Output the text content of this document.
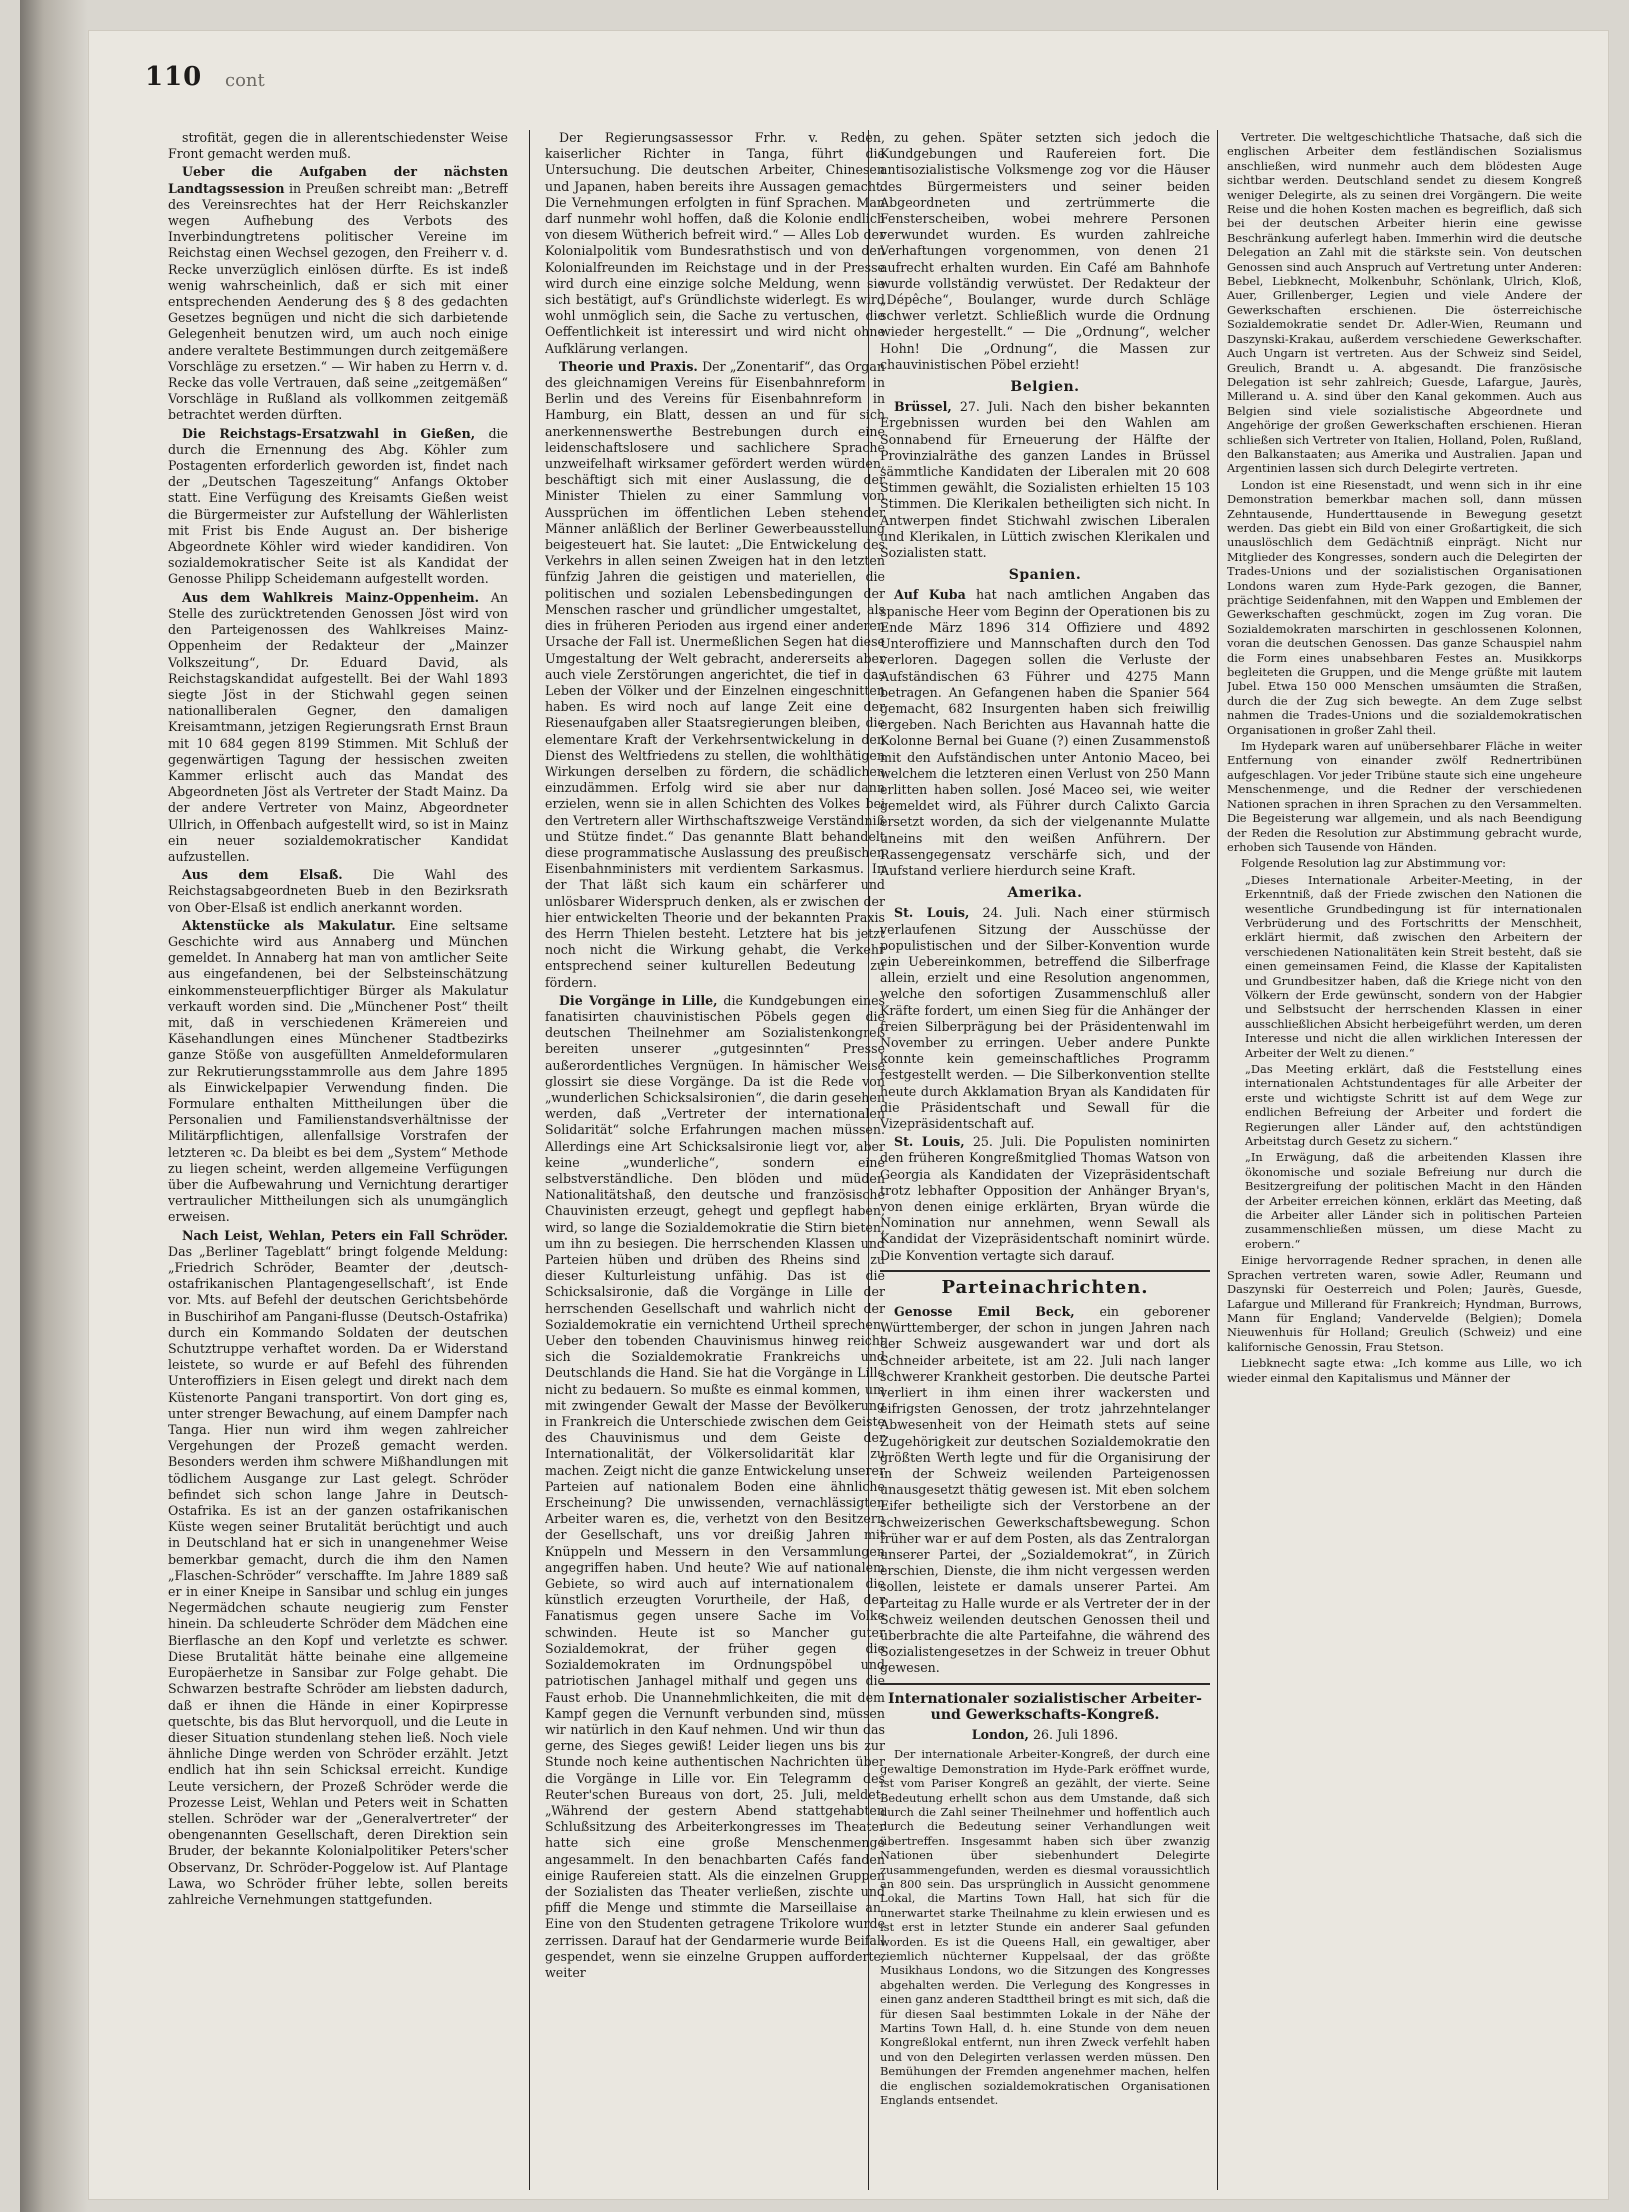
110 cont

strofität, gegen die in allerentschiedenster Weise Front gemacht werden muß.

Ueber die Aufgaben der nächsten Landtagssession in Preußen schreibt man: „Betreff des Vereinsrechtes hat der Herr Reichskanzler wegen Aufhebung des Verbots des Inverbindungtretens politischer Vereine im Reichstag einen Wechsel gezogen, den Freiherr v. d. Recke unverzüglich einlösen dürfte. Es ist indeß wenig wahrscheinlich, daß er sich mit einer entsprechenden Aenderung des § 8 des gedachten Gesetzes begnügen und nicht die sich darbietende Gelegenheit benutzen wird, um auch noch einige andere veraltete Bestimmungen durch zeitgemäßere Vorschläge zu ersetzen.“ — Wir haben zu Herrn v. d. Recke das volle Vertrauen, daß seine „zeitgemäßen“ Vorschläge in Rußland als vollkommen zeitgemäß betrachtet werden dürften.

Die Reichstags-Ersatzwahl in Gießen, die durch die Ernennung des Abg. Köhler zum Postagenten erforderlich geworden ist, findet nach der „Deutschen Tageszeitung“ Anfangs Oktober statt. Eine Verfügung des Kreisamts Gießen weist die Bürgermeister zur Aufstellung der Wählerlisten mit Frist bis Ende August an. Der bisherige Abgeordnete Köhler wird wieder kandidiren. Von sozialdemokratischer Seite ist als Kandidat der Genosse Philipp Scheidemann aufgestellt worden.

Aus dem Wahlkreis Mainz-Oppenheim. An Stelle des zurücktretenden Genossen Jöst wird von den Parteigenossen des Wahlkreises Mainz-Oppenheim der Redakteur der „Mainzer Volkszeitung“, Dr. Eduard David, als Reichstagskandidat aufgestellt. Bei der Wahl 1893 siegte Jöst in der Stichwahl gegen seinen nationalliberalen Gegner, den damaligen Kreisamtmann, jetzigen Regierungsrath Ernst Braun mit 10 684 gegen 8199 Stimmen. Mit Schluß der gegenwärtigen Tagung der hessischen zweiten Kammer erlischt auch das Mandat des Abgeordneten Jöst als Vertreter der Stadt Mainz. Da der andere Vertreter von Mainz, Abgeordneter Ullrich, in Offenbach aufgestellt wird, so ist in Mainz ein neuer sozialdemokratischer Kandidat aufzustellen.

Aus dem Elsaß. Die Wahl des Reichstagsabgeordneten Bueb in den Bezirksrath von Ober-Elsaß ist endlich anerkannt worden.

Aktenstücke als Makulatur. Eine seltsame Geschichte wird aus Annaberg und München gemeldet. In Annaberg hat man von amtlicher Seite aus eingefandenen, bei der Selbsteinschätzung einkommensteuerpflichtiger Bürger als Makulatur verkauft worden sind. Die „Münchener Post“ theilt mit, daß in verschiedenen Krämereien und Käsehandlungen eines Münchener Stadtbezirks ganze Stöße von ausgefüllten Anmeldeformularen zur Rekrutierungsstammrolle aus dem Jahre 1895 als Einwickelpapier Verwendung finden. Die Formulare enthalten Mittheilungen über die Personalien und Familienstandsverhältnisse der Militärpflichtigen, allenfallsige Vorstrafen der letzteren ꝛc. Da bleibt es bei dem „System“ Methode zu liegen scheint, werden allgemeine Verfügungen über die Aufbewahrung und Vernichtung derartiger vertraulicher Mittheilungen sich als unumgänglich erweisen.

Nach Leist, Wehlan, Peters ein Fall Schröder. Das „Berliner Tageblatt“ bringt folgende Meldung: „Friedrich Schröder, Beamter der ‚deutsch-ostafrikanischen Plantagengesellschaft‘, ist Ende vor. Mts. auf Befehl der deutschen Gerichtsbehörde in Buschirihof am Pangani-flusse (Deutsch-Ostafrika) durch ein Kommando Soldaten der deutschen Schutztruppe verhaftet worden. Da er Widerstand leistete, so wurde er auf Befehl des führenden Unteroffiziers in Eisen gelegt und direkt nach dem Küstenorte Pangani transportirt. Von dort ging es, unter strenger Bewachung, auf einem Dampfer nach Tanga. Hier nun wird ihm wegen zahlreicher Vergehungen der Prozeß gemacht werden. Besonders werden ihm schwere Mißhandlungen mit tödlichem Ausgange zur Last gelegt. Schröder befindet sich schon lange Jahre in Deutsch-Ostafrika. Es ist an der ganzen ostafrikanischen Küste wegen seiner Brutalität berüchtigt und auch in Deutschland hat er sich in unangenehmer Weise bemerkbar gemacht, durch die ihm den Namen „Flaschen-Schröder“ verschaffte. Im Jahre 1889 saß er in einer Kneipe in Sansibar und schlug ein junges Negermädchen schaute neugierig zum Fenster hinein. Da schleuderte Schröder dem Mädchen eine Bierflasche an den Kopf und verletzte es schwer. Diese Brutalität hätte beinahe eine allgemeine Europäerhetze in Sansibar zur Folge gehabt. Die Schwarzen bestrafte Schröder am liebsten dadurch, daß er ihnen die Hände in einer Kopirpresse quetschte, bis das Blut hervorquoll, und die Leute in dieser Situation stundenlang stehen ließ. Noch viele ähnliche Dinge werden von Schröder erzählt. Jetzt endlich hat ihn sein Schicksal erreicht. Kundige Leute versichern, der Prozeß Schröder werde die Prozesse Leist, Wehlan und Peters weit in Schatten stellen. Schröder war der „Generalvertreter“ der obengenannten Gesellschaft, deren Direktion sein Bruder, der bekannte Kolonialpolitiker Peters'scher Observanz, Dr. Schröder-Poggelow ist. Auf Plantage Lawa, wo Schröder früher lebte, sollen bereits zahlreiche Vernehmungen stattgefunden.

Der Regierungsassessor Frhr. v. Reden, kaiserlicher Richter in Tanga, führt die Untersuchung. Die deutschen Arbeiter, Chinesen und Japanen, haben bereits ihre Aussagen gemacht. Die Vernehmungen erfolgten in fünf Sprachen. Man darf nunmehr wohl hoffen, daß die Kolonie endlich von diesem Wütherich befreit wird.“ — Alles Lob der Kolonialpolitik vom Bundesrathstisch und von den Kolonialfreunden im Reichstage und in der Presse wird durch eine einzige solche Meldung, wenn sie sich bestätigt, auf's Gründlichste widerlegt. Es wird wohl unmöglich sein, die Sache zu vertuschen, die Oeffentlichkeit ist interessirt und wird nicht ohne Aufklärung verlangen.

Theorie und Praxis. Der „Zonentarif“, das Organ des gleichnamigen Vereins für Eisenbahnreform in Berlin und des Vereins für Eisenbahnreform in Hamburg, ein Blatt, dessen an und für sich anerkennenswerthe Bestrebungen durch eine leidenschaftslosere und sachlichere Sprache unzweifelhaft wirksamer gefördert werden würden, beschäftigt sich mit einer Auslassung, die der Minister Thielen zu einer Sammlung von Aussprüchen im öffentlichen Leben stehender Männer anläßlich der Berliner Gewerbeausstellung beigesteuert hat. Sie lautet: „Die Entwickelung des Verkehrs in allen seinen Zweigen hat in den letzten fünfzig Jahren die geistigen und materiellen, die politischen und sozialen Lebensbedingungen der Menschen rascher und gründlicher umgestaltet, als dies in früheren Perioden aus irgend einer anderen Ursache der Fall ist. Unermeßlichen Segen hat diese Umgestaltung der Welt gebracht, andererseits aber auch viele Zerstörungen angerichtet, die tief in das Leben der Völker und der Einzelnen eingeschnitten haben. Es wird noch auf lange Zeit eine der Riesenaufgaben aller Staatsregierungen bleiben, die elementare Kraft der Verkehrsentwickelung in den Dienst des Weltfriedens zu stellen, die wohlthätigen Wirkungen derselben zu fördern, die schädlichen einzudämmen. Erfolg wird sie aber nur dann erzielen, wenn sie in allen Schichten des Volkes bei den Vertretern aller Wirthschaftszweige Verständniß und Stütze findet.“ Das genannte Blatt behandelt diese programmatische Auslassung des preußischen Eisenbahnministers mit verdientem Sarkasmus. In der That läßt sich kaum ein schärferer und unlösbarer Widerspruch denken, als er zwischen der hier entwickelten Theorie und der bekannten Praxis des Herrn Thielen besteht. Letztere hat bis jetzt noch nicht die Wirkung gehabt, die Verkehr entsprechend seiner kulturellen Bedeutung zu fördern.

Die Vorgänge in Lille, die Kundgebungen eines fanatisirten chauvinistischen Pöbels gegen die deutschen Theilnehmer am Sozialistenkongreß bereiten unserer „gutgesinnten“ Presse außerordentliches Vergnügen. In hämischer Weise glossirt sie diese Vorgänge. Da ist die Rede von „wunderlichen Schicksalsironien“, die darin gesehen werden, daß „Vertreter der internationalen Solidarität“ solche Erfahrungen machen müssen. Allerdings eine Art Schicksalsironie liegt vor, aber keine „wunderliche“, sondern eine selbstverständliche. Den blöden und müden Nationalitätshaß, den deutsche und französische Chauvinisten erzeugt, gehegt und gepflegt haben, wird, so lange die Sozialdemokratie die Stirn bieten, um ihn zu besiegen. Die herrschenden Klassen und Parteien hüben und drüben des Rheins sind zu dieser Kulturleistung unfähig. Das ist die Schicksalsironie, daß die Vorgänge in Lille der herrschenden Gesellschaft und wahrlich nicht der Sozialdemokratie ein vernichtend Urtheil sprechen. Ueber den tobenden Chauvinismus hinweg reicht sich die Sozialdemokratie Frankreichs und Deutschlands die Hand. Sie hat die Vorgänge in Lille nicht zu bedauern. So mußte es einmal kommen, um mit zwingender Gewalt der Masse der Bevölkerung in Frankreich die Unterschiede zwischen dem Geiste des Chauvinismus und dem Geiste der Internationalität, der Völkersolidarität klar zu machen. Zeigt nicht die ganze Entwickelung unserer Parteien auf nationalem Boden eine ähnliche Erscheinung? Die unwissenden, vernachlässigten Arbeiter waren es, die, verhetzt von den Besitzern der Gesellschaft, uns vor dreißig Jahren mit Knüppeln und Messern in den Versammlungen angegriffen haben. Und heute? Wie auf nationalem Gebiete, so wird auch auf internationalem die künstlich erzeugten Vorurtheile, der Haß, der Fanatismus gegen unsere Sache im Volke schwinden. Heute ist so Mancher guter Sozialdemokrat, der früher gegen die Sozialdemokraten im Ordnungspöbel und patriotischen Janhagel mithalf und gegen uns die Faust erhob. Die Unannehmlichkeiten, die mit dem Kampf gegen die Vernunft verbunden sind, müssen wir natürlich in den Kauf nehmen. Und wir thun das gerne, des Sieges gewiß! Leider liegen uns bis zur Stunde noch keine authentischen Nachrichten über die Vorgänge in Lille vor. Ein Telegramm des Reuter'schen Bureaus von dort, 25. Juli, meldet: „Während der gestern Abend stattgehabten Schlußsitzung des Arbeiterkongresses im Theater hatte sich eine große Menschenmenge angesammelt. In den benachbarten Cafés fanden einige Raufereien statt. Als die einzelnen Gruppen der Sozialisten das Theater verließen, zischte und pfiff die Menge und stimmte die Marseillaise an. Eine von den Studenten getragene Trikolore wurde zerrissen. Darauf hat der Gendarmerie wurde Beifall gespendet, wenn sie einzelne Gruppen aufforderte, weiter

zu gehen. Später setzten sich jedoch die Kundgebungen und Raufereien fort. Die antisozialistische Volksmenge zog vor die Häuser des Bürgermeisters und seiner beiden Abgeordneten und zertrümmerte die Fensterscheiben, wobei mehrere Personen verwundet wurden. Es wurden zahlreiche Verhaftungen vorgenommen, von denen 21 aufrecht erhalten wurden. Ein Café am Bahnhofe wurde vollständig verwüstet. Der Redakteur der „Dépêche“, Boulanger, wurde durch Schläge schwer verletzt. Schließlich wurde die Ordnung wieder hergestellt.“ — Die „Ordnung“, welcher Hohn! Die „Ordnung“, die Massen zur chauvinistischen Pöbel erzieht!

Belgien.

Brüssel, 27. Juli. Nach den bisher bekannten Ergebnissen wurden bei den Wahlen am Sonnabend für Erneuerung der Hälfte der Provinzialräthe des ganzen Landes in Brüssel sämmtliche Kandidaten der Liberalen mit 20 608 Stimmen gewählt, die Sozialisten erhielten 15 103 Stimmen. Die Klerikalen betheiligten sich nicht. In Antwerpen findet Stichwahl zwischen Liberalen und Klerikalen, in Lüttich zwischen Klerikalen und Sozialisten statt.

Spanien.

Auf Kuba hat nach amtlichen Angaben das spanische Heer vom Beginn der Operationen bis zu Ende März 1896 314 Offiziere und 4892 Unteroffiziere und Mannschaften durch den Tod verloren. Dagegen sollen die Verluste der Aufständischen 63 Führer und 4275 Mann betragen. An Gefangenen haben die Spanier 564 gemacht, 682 Insurgenten haben sich freiwillig ergeben. Nach Berichten aus Havannah hatte die Kolonne Bernal bei Guane (?) einen Zusammenstoß mit den Aufständischen unter Antonio Maceo, bei welchem die letzteren einen Verlust von 250 Mann erlitten haben sollen. José Maceo sei, wie weiter gemeldet wird, als Führer durch Calixto Garcia ersetzt worden, da sich der vielgenannte Mulatte uneins mit den weißen Anführern. Der Rassengegensatz verschärfe sich, und der Aufstand verliere hierdurch seine Kraft.

Amerika.

St. Louis, 24. Juli. Nach einer stürmisch verlaufenen Sitzung der Ausschüsse der populistischen und der Silber-Konvention wurde ein Uebereinkommen, betreffend die Silberfrage allein, erzielt und eine Resolution angenommen, welche den sofortigen Zusammenschluß aller Kräfte fordert, um einen Sieg für die Anhänger der freien Silberprägung bei der Präsidentenwahl im November zu erringen. Ueber andere Punkte konnte kein gemeinschaftliches Programm festgestellt werden. — Die Silberkonvention stellte heute durch Akklamation Bryan als Kandidaten für die Präsidentschaft und Sewall für die Vizepräsidentschaft auf.

St. Louis, 25. Juli. Die Populisten nominirten den früheren Kongreßmitglied Thomas Watson von Georgia als Kandidaten der Vizepräsidentschaft trotz lebhafter Opposition der Anhänger Bryan's, von denen einige erklärten, Bryan würde die Nomination nur annehmen, wenn Sewall als Kandidat der Vizepräsidentschaft nominirt würde. Die Konvention vertagte sich darauf.

Parteinachrichten.

Genosse Emil Beck, ein geborener Württemberger, der schon in jungen Jahren nach der Schweiz ausgewandert war und dort als Schneider arbeitete, ist am 22. Juli nach langer schwerer Krankheit gestorben. Die deutsche Partei verliert in ihm einen ihrer wackersten und eifrigsten Genossen, der trotz jahrzehntelanger Abwesenheit von der Heimath stets auf seine Zugehörigkeit zur deutschen Sozialdemokratie den größten Werth legte und für die Organisirung der in der Schweiz weilenden Parteigenossen unausgesetzt thätig gewesen ist. Mit eben solchem Eifer betheiligte sich der Verstorbene an der schweizerischen Gewerkschaftsbewegung. Schon früher war er auf dem Posten, als das Zentralorgan unserer Partei, der „Sozialdemokrat“, in Zürich erschien, Dienste, die ihm nicht vergessen werden sollen, leistete er damals unserer Partei. Am Parteitag zu Halle wurde er als Vertreter der in der Schweiz weilenden deutschen Genossen theil und überbrachte die alte Parteifahne, die während des Sozialistengesetzes in der Schweiz in treuer Obhut gewesen.

Internationaler sozialistischer Arbeiter- und Gewerkschafts-Kongreß.
London, 26. Juli 1896.

Der internationale Arbeiter-Kongreß, der durch eine gewaltige Demonstration im Hyde-Park eröffnet wurde, ist vom Pariser Kongreß an gezählt, der vierte. Seine Bedeutung erhellt schon aus dem Umstande, daß sich durch die Zahl seiner Theilnehmer und hoffentlich auch durch die Bedeutung seiner Verhandlungen weit übertreffen. Insgesammt haben sich über zwanzig Nationen über siebenhundert Delegirte zusammengefunden, werden es diesmal voraussichtlich an 800 sein. Das ursprünglich in Aussicht genommene Lokal, die Martins Town Hall, hat sich für die unerwartet starke Theilnahme zu klein erwiesen und es ist erst in letzter Stunde ein anderer Saal gefunden worden. Es ist die Queens Hall, ein gewaltiger, aber ziemlich nüchterner Kuppelsaal, der das größte Musikhaus Londons, wo die Sitzungen des Kongresses abgehalten werden. Die Verlegung des Kongresses in einen ganz anderen Stadttheil bringt es mit sich, daß die für diesen Saal bestimmten Lokale in der Nähe der Martins Town Hall, d. h. eine Stunde von dem neuen Kongreßlokal entfernt, nun ihren Zweck verfehlt haben und von den Delegirten verlassen werden müssen. Den Bemühungen der Fremden angenehmer machen, helfen die englischen sozialdemokratischen Organisationen Englands entsendet.

Vertreter. Die weltgeschichtliche Thatsache, daß sich die englischen Arbeiter dem festländischen Sozialismus anschließen, wird nunmehr auch dem blödesten Auge sichtbar werden. Deutschland sendet zu diesem Kongreß weniger Delegirte, als zu seinen drei Vorgängern. Die weite Reise und die hohen Kosten machen es begreiflich, daß sich bei der deutschen Arbeiter hierin eine gewisse Beschränkung auferlegt haben. Immerhin wird die deutsche Delegation an Zahl mit die stärkste sein. Von deutschen Genossen sind auch Anspruch auf Vertretung unter Anderen: Bebel, Liebknecht, Molkenbuhr, Schönlank, Ulrich, Kloß, Auer, Grillenberger, Legien und viele Andere der Gewerkschaften erschienen. Die österreichische Sozialdemokratie sendet Dr. Adler-Wien, Reumann und Daszynski-Krakau, außerdem verschiedene Gewerkschafter. Auch Ungarn ist vertreten. Aus der Schweiz sind Seidel, Greulich, Brandt u. A. abgesandt. Die französische Delegation ist sehr zahlreich; Guesde, Lafargue, Jaurès, Millerand u. A. sind über den Kanal gekommen. Auch aus Belgien sind viele sozialistische Abgeordnete und Angehörige der großen Gewerkschaften erschienen. Hieran schließen sich Vertreter von Italien, Holland, Polen, Rußland, den Balkanstaaten; aus Amerika und Australien. Japan und Argentinien lassen sich durch Delegirte vertreten.

London ist eine Riesenstadt, und wenn sich in ihr eine Demonstration bemerkbar machen soll, dann müssen Zehntausende, Hunderttausende in Bewegung gesetzt werden. Das giebt ein Bild von einer Großartigkeit, die sich unauslöschlich dem Gedächtniß einprägt. Nicht nur Mitglieder des Kongresses, sondern auch die Delegirten der Trades-Unions und der sozialistischen Organisationen Londons waren zum Hyde-Park gezogen, die Banner, prächtige Seidenfahnen, mit den Wappen und Emblemen der Gewerkschaften geschmückt, zogen im Zug voran. Die Sozialdemokraten marschirten in geschlossenen Kolonnen, voran die deutschen Genossen. Das ganze Schauspiel nahm die Form eines unabsehbaren Festes an. Musikkorps begleiteten die Gruppen, und die Menge grüßte mit lautem Jubel. Etwa 150 000 Menschen umsäumten die Straßen, durch die der Zug sich bewegte. An dem Zuge selbst nahmen die Trades-Unions und die sozialdemokratischen Organisationen in großer Zahl theil.

Im Hydepark waren auf unübersehbarer Fläche in weiter Entfernung von einander zwölf Rednertribünen aufgeschlagen. Vor jeder Tribüne staute sich eine ungeheure Menschenmenge, und die Redner der verschiedenen Nationen sprachen in ihren Sprachen zu den Versammelten. Die Begeisterung war allgemein, und als nach Beendigung der Reden die Resolution zur Abstimmung gebracht wurde, erhoben sich Tausende von Händen.

Folgende Resolution lag zur Abstimmung vor:

„Dieses Internationale Arbeiter-Meeting, in der Erkenntniß, daß der Friede zwischen den Nationen die wesentliche Grundbedingung ist für internationalen Verbrüderung und des Fortschritts der Menschheit, erklärt hiermit, daß zwischen den Arbeitern der verschiedenen Nationalitäten kein Streit besteht, daß sie einen gemeinsamen Feind, die Klasse der Kapitalisten und Grundbesitzer haben, daß die Kriege nicht von den Völkern der Erde gewünscht, sondern von der Habgier und Selbstsucht der herrschenden Klassen in einer ausschließlichen Absicht herbeigeführt werden, um deren Interesse und nicht die allen wirklichen Interessen der Arbeiter der Welt zu dienen.“

„Das Meeting erklärt, daß die Feststellung eines internationalen Achtstundentages für alle Arbeiter der erste und wichtigste Schritt ist auf dem Wege zur endlichen Befreiung der Arbeiter und fordert die Regierungen aller Länder auf, den achtstündigen Arbeitstag durch Gesetz zu sichern.“

„In Erwägung, daß die arbeitenden Klassen ihre ökonomische und soziale Befreiung nur durch die Besitzergreifung der politischen Macht in den Händen der Arbeiter erreichen können, erklärt das Meeting, daß die Arbeiter aller Länder sich in politischen Parteien zusammenschließen müssen, um diese Macht zu erobern.“

Einige hervorragende Redner sprachen, in denen alle Sprachen vertreten waren, sowie Adler, Reumann und Daszynski für Oesterreich und Polen; Jaurès, Guesde, Lafargue und Millerand für Frankreich; Hyndman, Burrows, Mann für England; Vandervelde (Belgien); Domela Nieuwenhuis für Holland; Greulich (Schweiz) und eine kalifornische Genossin, Frau Stetson.

Liebknecht sagte etwa: „Ich komme aus Lille, wo ich wieder einmal den Kapitalismus und Männer der
